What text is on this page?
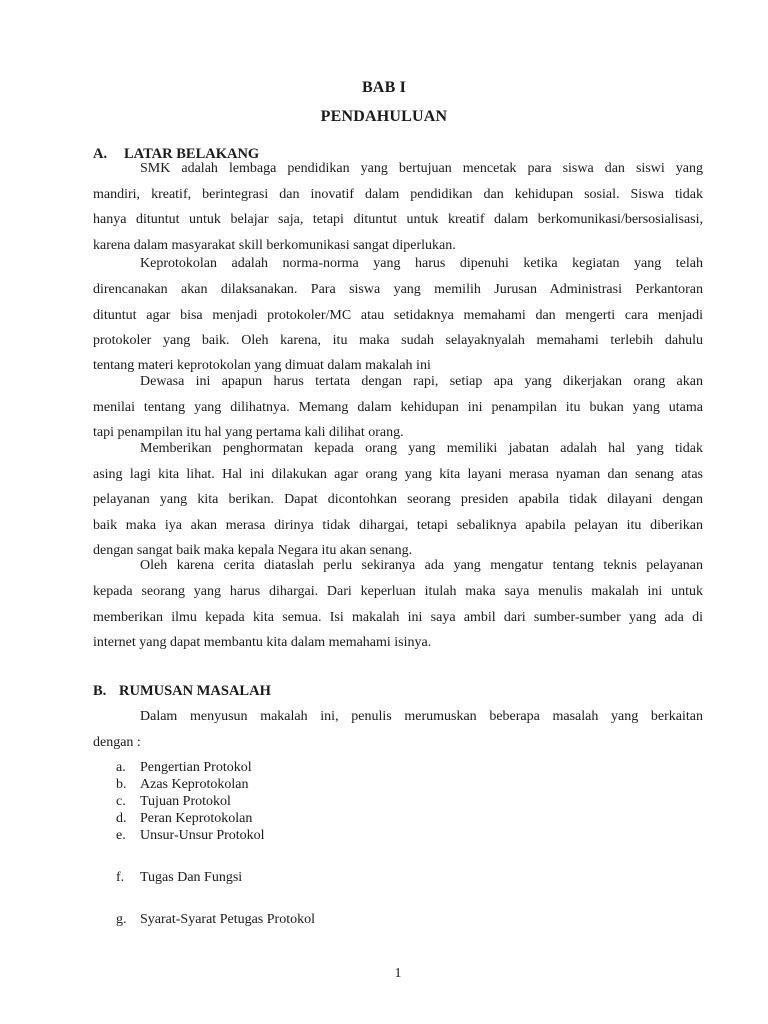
BAB I
PENDAHULUAN
A. LATAR BELAKANG
SMK adalah lembaga pendidikan yang bertujuan mencetak para siswa dan siswi yang
mandiri, kreatif, berintegrasi dan inovatif dalam pendidikan dan kehidupan sosial. Siswa tidak
hanya dituntut untuk belajar saja, tetapi dituntut untuk kreatif dalam berkomunikasi/bersosialisasi,
karena dalam masyarakat skill berkomunikasi sangat diperlukan.
Keprotokolan adalah norma-norma yang harus dipenuhi ketika kegiatan yang telah
direncanakan akan dilaksanakan. Para siswa yang memilih Jurusan Administrasi Perkantoran
dituntut agar bisa menjadi protokoler/MC atau setidaknya memahami dan mengerti cara menjadi
protokoler yang baik. Oleh karena, itu maka sudah selayaknyalah memahami terlebih dahulu
tentang materi keprotokolan yang dimuat dalam makalah ini
Dewasa ini apapun harus tertata dengan rapi, setiap apa yang dikerjakan orang akan
menilai tentang yang dilihatnya. Memang dalam kehidupan ini penampilan itu bukan yang utama
tapi penampilan itu hal yang pertama kali dilihat orang.
Memberikan penghormatan kepada orang yang memiliki jabatan adalah hal yang tidak
asing lagi kita lihat. Hal ini dilakukan agar orang yang kita layani merasa nyaman dan senang atas
pelayanan yang kita berikan. Dapat dicontohkan seorang presiden apabila tidak dilayani dengan
baik maka iya akan merasa dirinya tidak dihargai, tetapi sebaliknya apabila pelayan itu diberikan
dengan sangat baik maka kepala Negara itu akan senang.
Oleh karena cerita diataslah perlu sekiranya ada yang mengatur tentang teknis pelayanan
kepada seorang yang harus dihargai. Dari keperluan itulah maka saya menulis makalah ini untuk
memberikan ilmu kepada kita semua. Isi makalah ini saya ambil dari sumber-sumber yang ada di
internet yang dapat membantu kita dalam memahami isinya.
B. RUMUSAN MASALAH
Dalam menyusun makalah ini, penulis merumuskan beberapa masalah yang berkaitan
dengan :
a. Pengertian Protokol
b. Azas Keprotokolan
c. Tujuan Protokol
d. Peran Keprotokolan
e. Unsur-Unsur Protokol
f. Tugas Dan Fungsi
g. Syarat-Syarat Petugas Protokol
1
